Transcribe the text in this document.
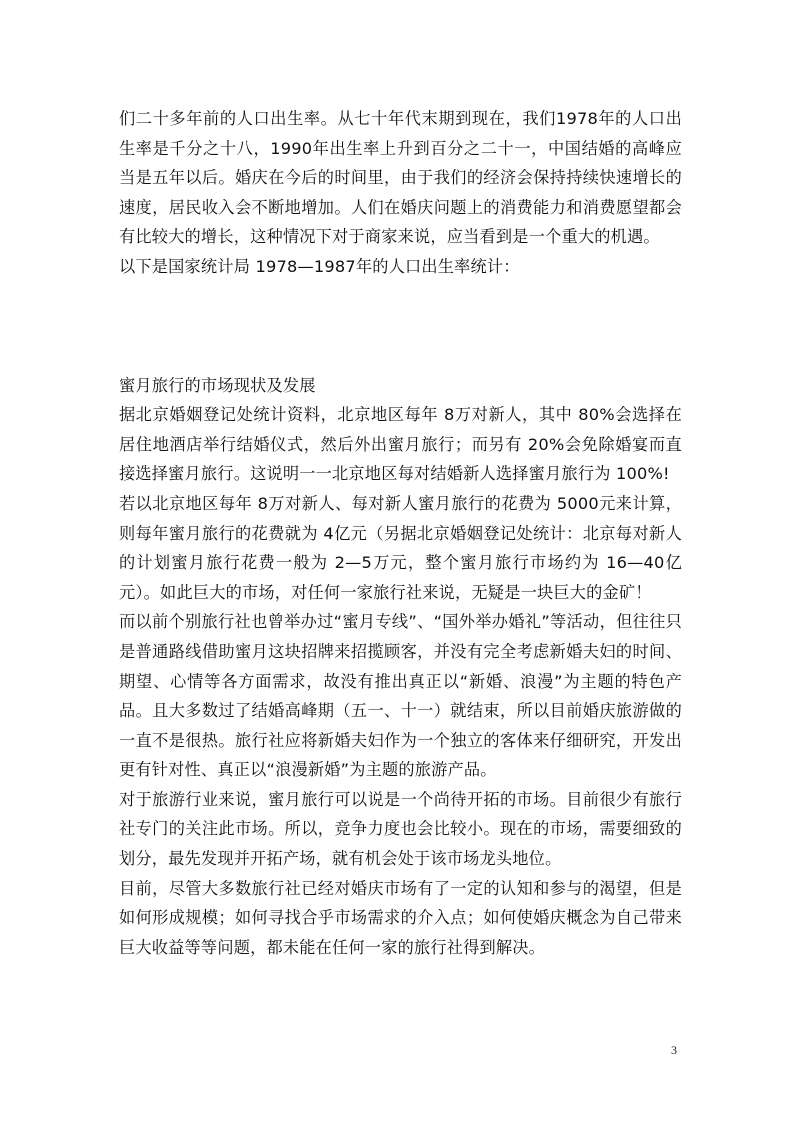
们二十多年前的人口出生率。从七十年代末期到现在，我们1978年的人口出生率是千分之十八，1990年出生率上升到百分之二十一，中国结婚的高峰应当是五年以后。婚庆在今后的时间里，由于我们的经济会保持持续快速增长的速度，居民收入会不断地增加。人们在婚庆问题上的消费能力和消费愿望都会有比较大的增长，这种情况下对于商家来说，应当看到是一个重大的机遇。

以下是国家统计局 1978—1987年的人口出生率统计：

蜜月旅行的市场现状及发展

据北京婚姻登记处统计资料，北京地区每年 8万对新人，其中 80%会选择在居住地酒店举行结婚仪式，然后外出蜜月旅行；而另有 20%会免除婚宴而直接选择蜜月旅行。这说明一一北京地区每对结婚新人选择蜜月旅行为 100%!

若以北京地区每年 8万对新人、每对新人蜜月旅行的花费为 5000元来计算，则每年蜜月旅行的花费就为 4亿元（另据北京婚姻登记处统计：北京每对新人的计划蜜月旅行花费一般为 2—5万元，整个蜜月旅行市场约为 16—40亿元）。如此巨大的市场，对任何一家旅行社来说，无疑是一块巨大的金矿！

而以前个别旅行社也曾举办过“蜜月专线”、“国外举办婚礼”等活动，但往往只是普通路线借助蜜月这块招牌来招揽顾客，并没有完全考虑新婚夫妇的时间、期望、心情等各方面需求，故没有推出真正以“新婚、浪漫”为主题的特色产品。且大多数过了结婚高峰期（五一、十一）就结束，所以目前婚庆旅游做的一直不是很热。旅行社应将新婚夫妇作为一个独立的客体来仔细研究，开发出更有针对性、真正以“浪漫新婚”为主题的旅游产品。

对于旅游行业来说，蜜月旅行可以说是一个尚待开拓的市场。目前很少有旅行社专门的关注此市场。所以，竞争力度也会比较小。现在的市场，需要细致的划分，最先发现并开拓产场，就有机会处于该市场龙头地位。

目前，尽管大多数旅行社已经对婚庆市场有了一定的认知和参与的渴望，但是如何形成规模；如何寻找合乎市场需求的介入点；如何使婚庆概念为自己带来巨大收益等等问题，都未能在任何一家的旅行社得到解决。

3
